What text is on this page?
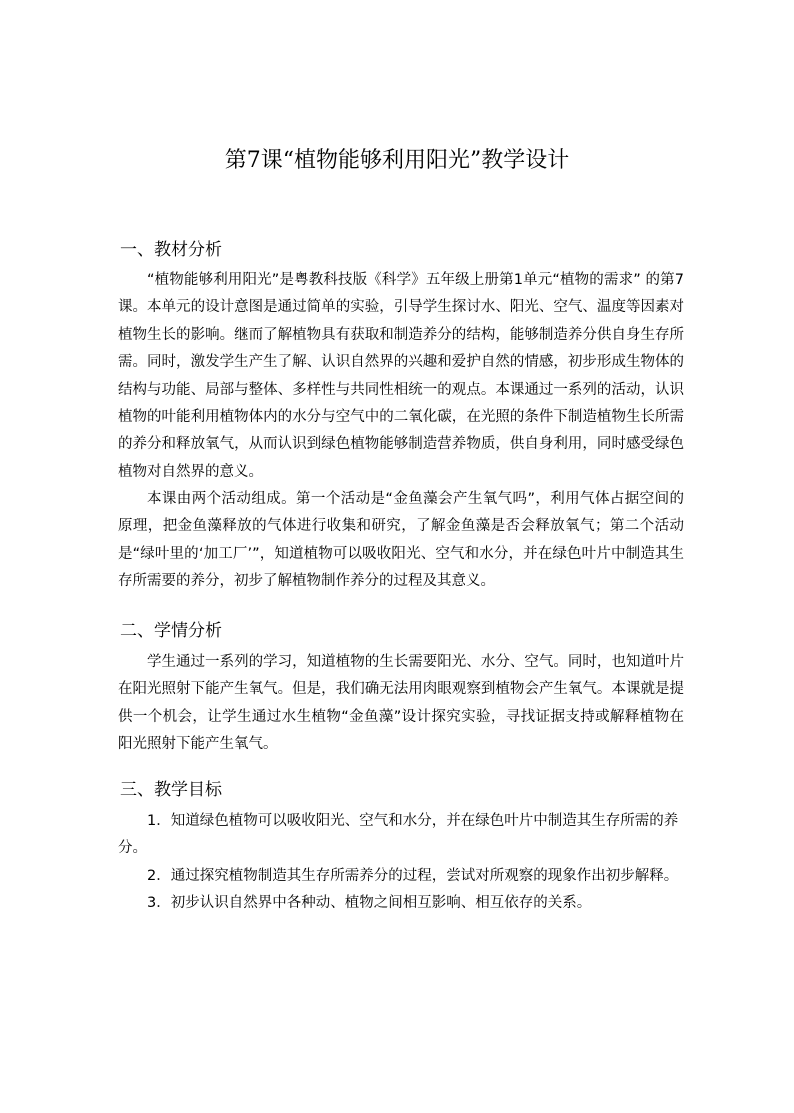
第7课“植物能够利用阳光”教学设计
一、教材分析
“植物能够利用阳光”是粤教科技版《科学》五年级上册第1单元“植物的需求” 的第7课。本单元的设计意图是通过简单的实验，引导学生探讨水、阳光、空气、温度等因素对植物生长的影响。继而了解植物具有获取和制造养分的结构，能够制造养分供自身生存所需。同时，激发学生产生了解、认识自然界的兴趣和爱护自然的情感，初步形成生物体的结构与功能、局部与整体、多样性与共同性相统一的观点。本课通过一系列的活动，认识植物的叶能利用植物体内的水分与空气中的二氧化碳，在光照的条件下制造植物生长所需的养分和释放氧气，从而认识到绿色植物能够制造营养物质，供自身利用，同时感受绿色植物对自然界的意义。
本课由两个活动组成。第一个活动是“金鱼藻会产生氧气吗”，利用气体占据空间的原理，把金鱼藻释放的气体进行收集和研究，了解金鱼藻是否会释放氧气；第二个活动是“绿叶里的‘加工厂’”，知道植物可以吸收阳光、空气和水分，并在绿色叶片中制造其生存所需要的养分，初步了解植物制作养分的过程及其意义。
二、学情分析
学生通过一系列的学习，知道植物的生长需要阳光、水分、空气。同时，也知道叶片在阳光照射下能产生氧气。但是，我们确无法用肉眼观察到植物会产生氧气。本课就是提供一个机会，让学生通过水生植物“金鱼藻”设计探究实验，寻找证据支持或解释植物在阳光照射下能产生氧气。
三、教学目标
1．知道绿色植物可以吸收阳光、空气和水分，并在绿色叶片中制造其生存所需的养分。
2．通过探究植物制造其生存所需养分的过程，尝试对所观察的现象作出初步解释。
3．初步认识自然界中各种动、植物之间相互影响、相互依存的关系。
